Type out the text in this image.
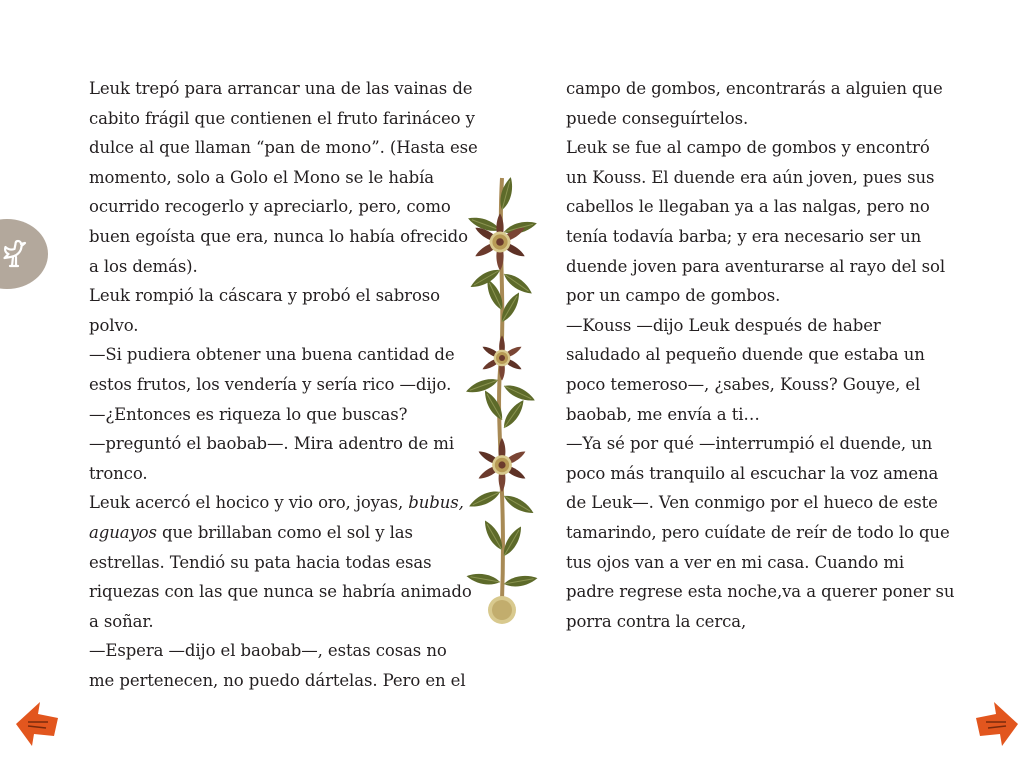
Leuk trepó para arrancar una de las vainas de
cabito frágil que contienen el fruto farináceo y
dulce al que llaman “pan de mono”. (Hasta ese
momento, solo a Golo el Mono se le había
ocurrido recogerlo y apreciarlo, pero, como
buen egoísta que era, nunca lo había ofrecido
a los demás).
Leuk rompió la cáscara y probó el sabroso
polvo.
—Si pudiera obtener una buena cantidad de
estos frutos, los vendería y sería rico —dijo.
—¿Entonces es riqueza lo que buscas?
—preguntó el baobab—. Mira adentro de mi
tronco.
Leuk acercó el hocico y vio oro, joyas, bubus,
aguayos que brillaban como el sol y las
estrellas. Tendió su pata hacia todas esas
riquezas con las que nunca se habría animado
a soñar.
—Espera —dijo el baobab—, estas cosas no
me pertenecen, no puedo dártelas. Pero en el
campo de gombos, encontrarás a alguien que
puede conseguírtelos.
Leuk se fue al campo de gombos y encontró
un Kouss. El duende era aún joven, pues sus
cabellos le llegaban ya a las nalgas, pero no
tenía todavía barba; y era necesario ser un
duende joven para aventurarse al rayo del sol
por un campo de gombos.
—Kouss —dijo Leuk después de haber
saludado al pequeño duende que estaba un
poco temeroso—, ¿sabes, Kouss? Gouye, el
baobab, me envía a ti…
—Ya sé por qué —interrumpió el duende, un
poco más tranquilo al escuchar la voz amena
de Leuk—. Ven conmigo por el hueco de este
tamarindo, pero cuídate de reír de todo lo que
tus ojos van a ver en mi casa. Cuando mi
padre regrese esta noche,va a querer poner su
porra contra la cerca,
